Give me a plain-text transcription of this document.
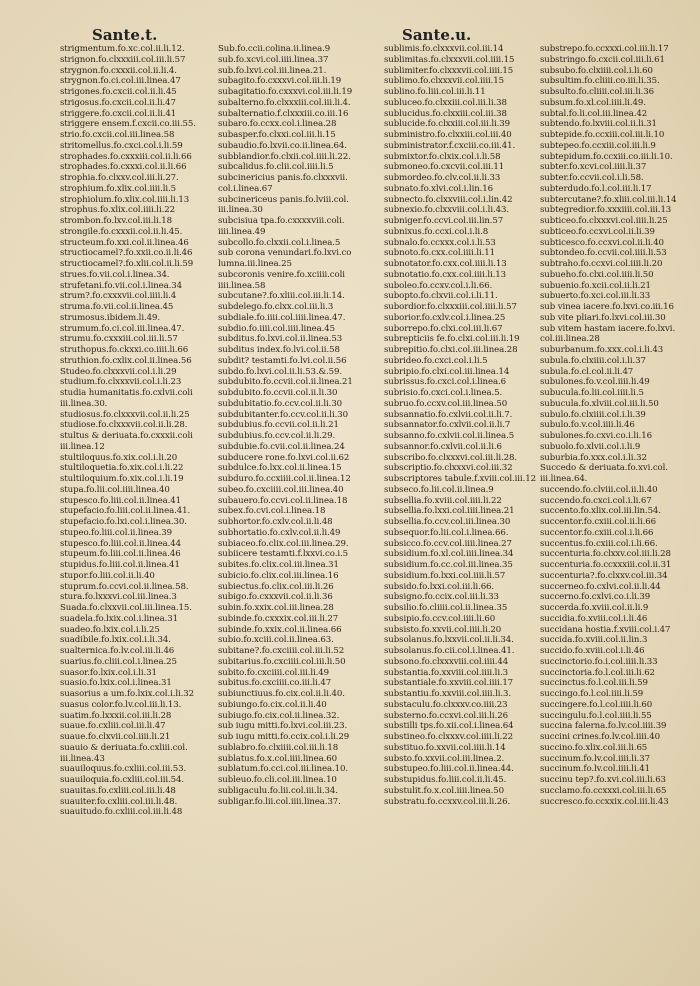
Sante.t.	Sante.u.
strigmentum.fo.xc.col.ii.li.12.
strignon.fo.clxxxiii.col.iii.li.57
strygnon.fo.cxxxii.col.ii.li.4.
strygnon.fo.ci.col.iii.linea.47
strigones.fo.cxcii.col.ii.li.45
strigosus.fo.cxcii.col.ii.li.47
striggere.fo.cxcii.col.ii.li.41
striggere ensem.f.cxcii.co.iii.55.
strio.fo.cxcii.col.iii.linea.58
stritomellus.fo.cxci.col.i.li.59
strophades.fo.cxxxiii.col.ii.li.66
strophades.fo.cxxxi.col.ii.li.66
strophia.fo.clxxv.col.iii.li.27.
strophium.fo.xlix.col.iiii.li.5
strophiolum.fo.xlix.col.iiii.li.13
strophus.fo.xlix.col.iiii.li.22
strombon.fo.lxv.col.iii.li.18
strongile.fo.cxxxii.col.ii.li.45.
structeum.fo.xxi.col.ii.linea.46
structiocamel?.fo.xxii.co.ii.li.46
structiocamel?.fo.xlii.col.ii.li.59
strues.fo.vii.col.i.linea.34.
strufetani.fo.vii.col.i.linea.34
strum?.fo.cxxxvii.col.iiii.li.4
struma.fo.vii.col.ii.linea.45
strumosus.ibidem.li.49.
strumum.fo.ci.col.iii.linea.47.
strumu.fo.cxxxiii.col.iii.li.57
struthopus.fo.ckxxi.co.iiii.li.66
struthion.fo.cxlix.col.ii.linea.56
Studeo.fo.clxxxvii.col.i.li.29
studium.fo.clxxxvii.col.i.li.23
studia humanitatis.fo.cxlvii.coli
iii.linea.30.
studiosus.fo.clxxxvii.col.ii.li.25
studiose.fo.clxxxvii.col.ii.li.28.
stultus & deriuata.fo.cxxxii.coli
iii.linea.12
stultiloquus.fo.xix.col.i.li.20
stultiloquetia.fo.xix.col.i.li.22
stultiloquium.fo.xix.col.i.li.19
stupa.fo.lii.col.iiii.linea.40
stupesco.fo.liii.col.ii.linea.41
stupefacio.fo.liii.col.ii.linea.41.
stupefacio.fo.lxi.col.i.linea.30.
stupeo.fo.liii.col.ii.linea.39
stupesco.fo.liii.col.ii.linea.44
stupeum.fo.liii.col.ii.linea.46
stupidus.fo.liii.col.ii.linea.41
stupor.fo.liii.col.ii.li.40
stuprum.fo.ccvi.col.ii.linea.58.
stura.fo.lxxxvi.col.iii.linea.3
Suada.fo.clxxvii.col.iii.linea.15.
suadela.fo.lxix.col.i.linea.31
suadeo.fo.lxix.col.i.li.25
suadibile.fo.lxix.col.i.li.34.
sualternica.fo.lv.col.iii.li.46
suarius.fo.cliii.col.i.linea.25
suasor.fo.lxix.col.i.li.31
suasio.fo.lxix.col.i.linea.31
suasorius a um.fo.lxix.col.i.li.32
suasus color.fo.lv.col.iii.li.13.
suatim.fo.lxxxii.col.iii.li.28
suaue.fo.cxliii.col.iii.li.47
suaue.fo.clxvii.col.iiii.li.21
suauio & deriuata.fo.cxliii.col.
iii.linea.43
suauiloquus.fo.cxliii.col.iii.53.
suauiloquia.fo.cxliii.col.iii.54.
suauitas.fo.cxliii.col.iii.li.48
suauiter.fo.cxliii.col.iii.li.48.
suauitudo.fo.cxliii.col.iii.li.48
Sub.fo.ccii.colina.ii.linea.9
sub.fo.xcvi.col.iiii.linea.37
sub.fo.lxvi.col.iii.linea.21.
subagito.fo.cxxxvi.col.iii.li.19
subagitatio.fo.cxxxvi.col.iii.li.19
subalterno.fo.clxxxiii.col.iii.li.4.
subalternatio.f.clxxxiii.co.iii.16
subaro.fo.ccxx.col.i.linea.28
subasper.fo.clxxi.col.iii.li.15
subaudio.fo.lxvii.co.ii.linea.64.
subblandior.fo.clxii.col.iiii.li.22.
subcalidus.fo.clii.col.iiii.li.5
subcinericius panis.fo.clxxxvii.
col.i.linea.67
subcinericeus panis.fo.lviii.col.
iii.linea.30
subcisiua tpa.fo.cxxxxviii.coli.
iiii.linea.49
subcollo.fo.clxxii.col.i.linea.5
sub corona venundari.fo.lxvi.co
lumna.iii.linea.25
subcoronis venire.fo.xciiii.coli
iiii.linea.58
subcutane?.fo.xliii.col.iii.li.14.
subdelego.fo.clxx.col.iii.li.3
subdiale.fo.iiii.col.iiii.linea.47.
subdio.fo.iiii.col.iiii.linea.45
subditus.fo.lxvi.col.ii.linea.53
subditus index.fo.lvi.col.ii.58
subdit? testamti.fo.lvi.col.ii.56
subdo.fo.lxvi.col.ii.li.53.&.59.
subdubito.fo.ccvii.col.ii.linea.21
subdubito.fo.ccvii.col.ii.li.30
subdubitatio.fo.ccv.col.ii.li.30
subdubitanter.fo.ccv.col.ii.li.30
subdubius.fo.ccvii.col.ii.li.21
subdubius.fo.ccv.col.ii.li.29.
subdubie.fo.cvii.col.ii.linea.24
subducere rone.fo.lxvi.col.ii.62
subdulce.fo.lxx.col.ii.linea.15
subduro.fo.ccxiiii.col.ii.linea.12
subeo.fo.cxciiii.col.iii.linea.40
subauero.fo.ccvi.col.ii.linea.18
subex.fo.cvi.col.i.linea.18
subhortor.fo.cxlv.col.ii.li.48
subhortatio.fo.cxlv.col.ii.li.49
subiaceo.fo.clix.col.iii.linea.29.
subiicere testamti.f.lxxvi.co.i.5
subites.fo.clix.col.iii.linea.31
subicio.fo.clix.col.iii.linea.16
subiectus.fo.clix.col.iii.li.26
subigo.fo.cxxxvii.col.ii.li.36
subin.fo.xxix.col.iii.linea.28
subinde.fo.cxxxix.col.iii.li.27
subinde.fo.xxix.col.ii.linea.66
subio.fo.xciii.col.ii.linea.63.
subitane?.fo.cxciiii.col.iii.li.52
subitarius.fo.cxciiii.col.iii.li.50
subito.fo.cxciiii.col.iii.li.49
subitus.fo.cxciiii.co.iii.li.47
subiunctiuus.fo.cix.col.ii.li.40.
subiungo.fo.cix.col.ii.li.40
subiugo.fo.cix.col.ii.linea.32.
sub iugu mitti.fo.lxvi.col.iii.23.
sub iugu mitti.fo.ccix.col.i.li.29
sublabro.fo.clxiiii.col.iii.li.18
sublatus.fo.x.col.iiii.linea.60
sublatum.fo.cci.col.iii.linea.10.
subleuo.fo.cli.col.iii.linea.10
subligaculu.fo.lii.col.iii.li.34.
subligar.fo.lii.col.iiii.linea.37.
sublimis.fo.clxxxvii.col.iii.14
sublimitas.fo.clxxxvii.col.iiii.15
sublimiter.fo.clxxxvii.col.iiii.15
sublimo.fo.clxxxvii.col.iiii.15
sublino.fo.liii.col.iii.li.11
subluceo.fo.clxxiii.col.iii.li.38
sublucidus.fo.clxxiii.col.iii.38
sublucide.fo.clxxiii.col.iii.li.39
subministro.fo.clxxiii.col.iii.40
subministrator.f.cxciii.co.iii.41.
submixtor.fo.clxix.col.i.li.58
submoneo.fo.cxcvii.col.iii.11
submordeo.fo.clv.col.ii.li.33
subnato.fo.xlvi.col.i.lin.16
subnecto.fo.clxxviii.col.i.lin.42
subnexio.fo.clxxviii.col.i.li.43.
subniger.fo.ccvi.col.iii.lin.57
subnixus.fo.ccxi.col.i.li.8
subnalo.fo.ccxxx.col.i.li.53
subnoto.fo.cxx.col.iiii.li.11
subnotator.fo.cxx.col.iiii.li.13
subnotatio.fo.cxx.col.iiii.li.13
suboleo.fo.ccxv.col.i.li.66.
subopto.fo.clxvii.col.i.li.11.
subordior.fo.clxxxiii.col.iiii.li.57
suborior.fo.cxlv.col.i.linea.25
suborrepo.fo.clxi.col.iii.li.67
subrepticiis fe.fo.clxi.col.iii.li.19
subrepitio.fo.clxi.col.iii.linea.28
subrideo.fo.cxci.col.i.li.5
subripio.fo.clxi.col.iii.linea.14
subrissus.fo.cxci.col.i.linea.6
subrisio.fo.cxci.col.i.linea.5.
subruo.fo.ccxv.col.iii.linea.50
subsannatio.fo.cxlvii.col.ii.li.7.
subsannator.fo.cxlvii.col.ii.li.7
subsanno.fo.cxlvii.col.ii.linea.5
subsannor.fo.cxlvii.col.ii.li.6
subscribo.fo.clxxxvi.col.iii.li.28.
subscriptio.fo.clxxxvi.col.iii.32
subscriptores tabule.f.xviii.col.iii.12
subseco.fo.lii.col.ii.linea.9
subsellia.fo.xviii.col.iiii.li.22
subsellia.fo.lxxi.col.iiii.linea.21
subsellia.fo.ccv.col.iii.linea.30
subsequor.fo.lii.col.i.linea.66.
subsicco.fo.ccv.col.iiii.linea.27
subsidium.fo.xl.col.iiii.linea.34
subsidium.fo.cc.col.iii.linea.35
subsidium.fo.lxxi.col.iiii.li.57
subsido.fo.lxxi.col.iii.li.66.
subsigno.fo.ccix.col.iii.li.33
subsilio.fo.cliiii.col.ii.linea.35
subsipio.fo.ccv.col.iiii.li.60
subsisto.fo.xxvii.col.iiii.li.20
subsolanus.fo.lxxvii.col.ii.li.34.
subsolanus.fo.cii.col.i.linea.41.
subsono.fo.clxxxviii.col.iiii.44
substantia.fo.xxviii.col.iiii.li.3
substantiale.fo.xxviii.col.iiii.17
substantiu.fo.xxviii.col.iiii.li.3.
substaculu.fo.clxxxv.co.iiii.23
substerno.fo.ccxvi.col.iii.li.26
substilli tps.fo.xii.col.i.linea.64
substineo.fo.clxxxv.col.iiii.li.22
substituo.fo.xxvii.col.iiii.li.14
substo.fo.xxvii.col.iii.linea.2.
substupeo.fo.liii.col.ii.linea.44.
substupidus.fo.liii.col.ii.li.45.
substulit.fo.x.col.iiii.linea.50
substratu.fo.ccxxv.col.iii.li.26.
substrepo.fo.ccxxxi.col.iii.li.17
substringo.fo.cxcii.col.iii.li.61
subsubo.fo.clxiiii.col.i.li.60
subsultim.fo.cliiii.co.iii.li.35.
subsulto.fo.cliiii.col.iii.li.36
subsum.fo.xl.col.iiii.li.49.
subtal.fo.li.col.iii.linea.42
subtendo.fo.lxviii.col.ii.li.31
subtepide.fo.ccxiii.col.iii.li.10
subtepeo.fo.ccxiii.col.iii.li.9
subtepidum.fo.ccxiii.co.iii.li.10.
subter.fo.xcvi.col.iiii.li.37
subter.fo.ccvii.col.i.li.58.
subterdudo.fo.l.col.iii.li.17
subtercutane?.fo.xliii.col.iii.li.14
subtegredior.fo.xxxiiii.col.iii.13
subticeo.fo.clxxxvi.col.iiii.li.25
subticeo.fo.ccxvi.col.ii.li.39
subticesco.fo.ccxvi.col.ii.li.40
subtondeo.fo.ccvii.col.iiii.li.53
subtraho.fo.ccxvi.col.iiii.li.20
subueho.fo.clxi.col.iiii.li.50
subuenio.fo.xcii.col.ii.li.21
subuerto.fo.xci.col.iii.li.33
sub vinea iacere.fo.lxvi.co.iii.16
sub vite pliari.fo.lxvi.col.iii.30
sub vitem hastam iacere.fo.lxvi.
col.iii.linea.28
suburbanum.fo.xxx.col.i.li.43
subula.fo.clxiiii.col.i.li.37
subula.fo.cl.col.ii.li.47
subulones.fo.v.col.iiii.li.49
subucula.fo.lii.col.iiii.li.5
subucula.fo.xlviii.col.iii.li.50
subulo.fo.clxiiii.col.i.li.39
subulo.fo.v.col.iiii.li.46
subulones.fo.cxvi.co.i.li.16
subuolo.fo.xlvii.col.i.li.9
suburbia.fo.xxx.col.i.li.32
Succedo & deriuata.fo.xvi.col.
iii.linea.64.
succendo.fo.clviii.col.ii.li.40
succendo.fo.cxci.col.i.li.67
succento.fo.xlix.col.iii.lin.54.
succentor.fo.cxiii.col.ii.li.66
succentor.fo.cxiii.col.i.li.66
succentus.fo.cxiii.col.i.li.66.
succenturia.fo.clxxv.col.iii.li.28
succenturia.fo.ccxxxiii.col.ii.31
succenturia?.fo.clxxv.col.iii.34
succerneo.fo.cxlvi.col.ii.li.44
succerno.fo.cxlvi.co.i.li.39
succerda.fo.xviii.col.ii.li.9
succidia.fo.xviii.col.i.li.46
succidana hostia.f.xviii.col.i.47
succida.fo.xviii.col.ii.lin.3
succido.fo.xviii.col.i.li.46
succinctorio.fo.i.col.iiii.li.33
succinctoria.fo.l.col.iii.li.62
succinctus.fo.l.col.iii.li.59
succingo.fo.l.col.iiii.li.59
succingere.fo.l.col.iiii.li.60
succingulu.fo.l.col.iiii.li.55
succina falerna.fo.lv.col.iiii.39
succini crines.fo.lv.col.iiii.40
succino.fo.xlix.col.iii.li.65
succinum.fo.lv.col.iiii.li.37
succinum.fo.lv.col.iiii.li.41
succinu tep?.fo.xvi.col.iii.li.63
succlamo.fo.ccxxxi.col.iii.li.65
succresco.fo.ccxxix.col.iii.li.43
